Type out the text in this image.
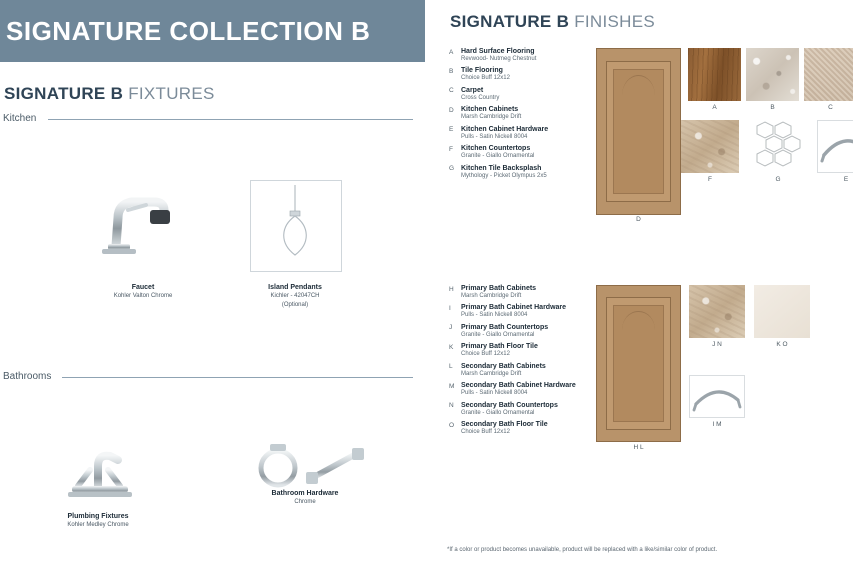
SIGNATURE COLLECTION B
SIGNATURE B FIXTURES
Kitchen
Faucet
Kohler Valton Chrome
Island Pendants
Kichler - 42047CH
(Optional)
Bathrooms
Plumbing Fixtures
Kohler Medley Chrome
Bathroom Hardware
Chrome
SIGNATURE B FINISHES
A Hard Surface Flooring
Revwood- Nutmeg Chestnut
B Tile Flooring
Choice Buff 12x12
C Carpet
Cross Country
D Kitchen Cabinets
Marsh Cambridge Drift
E Kitchen Cabinet Hardware
Pulls - Satin Nickell 8004
F Kitchen Countertops
Granite - Giallo Ornamental
G Kitchen Tile Backsplash
Mythology - Picket Olympus 2x5
D
A	B	C
F	G	E
H Primary Bath Cabinets
Marsh Cambridge Drift
I Primary Bath Cabinet Hardware
Pulls - Satin Nickell 8004
J Primary Bath Countertops
Granite - Giallo Ornamental
K Primary Bath Floor Tile
Choice Buff 12x12
L Secondary Bath Cabinets
Marsh Cambridge Drift
M Secondary Bath Cabinet Hardware
Pulls - Satin Nickell 8004
N Secondary Bath Countertops
Granite - Giallo Ornamental
O Secondary Bath Floor Tile
Choice Buff 12x12
H L
J N	K O
I M
*If a color or product becomes unavailable, product will be replaced with a like/similar color of product.
